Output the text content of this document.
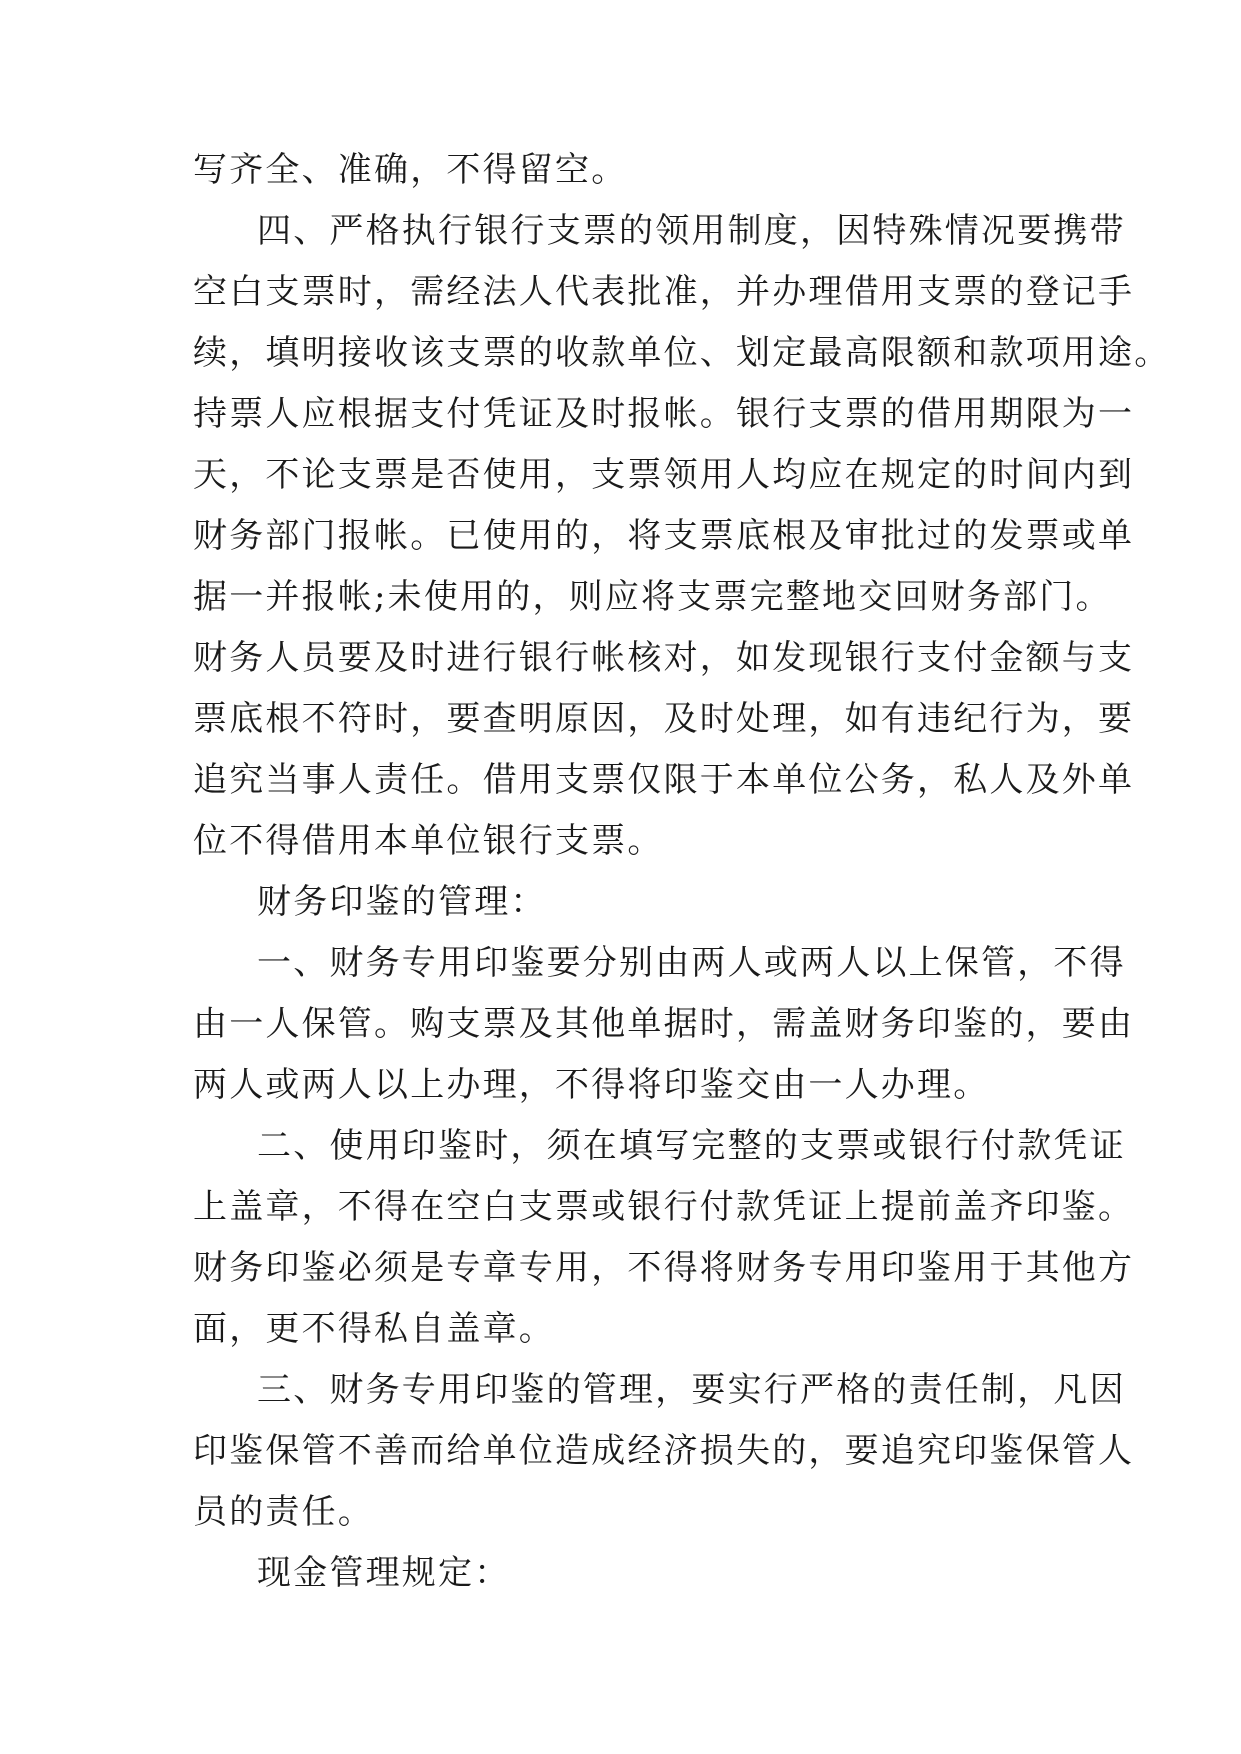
写齐全、准确，不得留空。
四、严格执行银行支票的领用制度，因特殊情况要携带
空白支票时，需经法人代表批准，并办理借用支票的登记手
续，填明接收该支票的收款单位、划定最高限额和款项用途。
持票人应根据支付凭证及时报帐。银行支票的借用期限为一
天，不论支票是否使用，支票领用人均应在规定的时间内到
财务部门报帐。已使用的，将支票底根及审批过的发票或单
据一并报帐;未使用的，则应将支票完整地交回财务部门。
财务人员要及时进行银行帐核对，如发现银行支付金额与支
票底根不符时，要查明原因，及时处理，如有违纪行为，要
追究当事人责任。借用支票仅限于本单位公务，私人及外单
位不得借用本单位银行支票。
财务印鉴的管理：
一、财务专用印鉴要分别由两人或两人以上保管，不得
由一人保管。购支票及其他单据时，需盖财务印鉴的，要由
两人或两人以上办理，不得将印鉴交由一人办理。
二、使用印鉴时，须在填写完整的支票或银行付款凭证
上盖章，不得在空白支票或银行付款凭证上提前盖齐印鉴。
财务印鉴必须是专章专用，不得将财务专用印鉴用于其他方
面，更不得私自盖章。
三、财务专用印鉴的管理，要实行严格的责任制，凡因
印鉴保管不善而给单位造成经济损失的，要追究印鉴保管人
员的责任。
现金管理规定：
